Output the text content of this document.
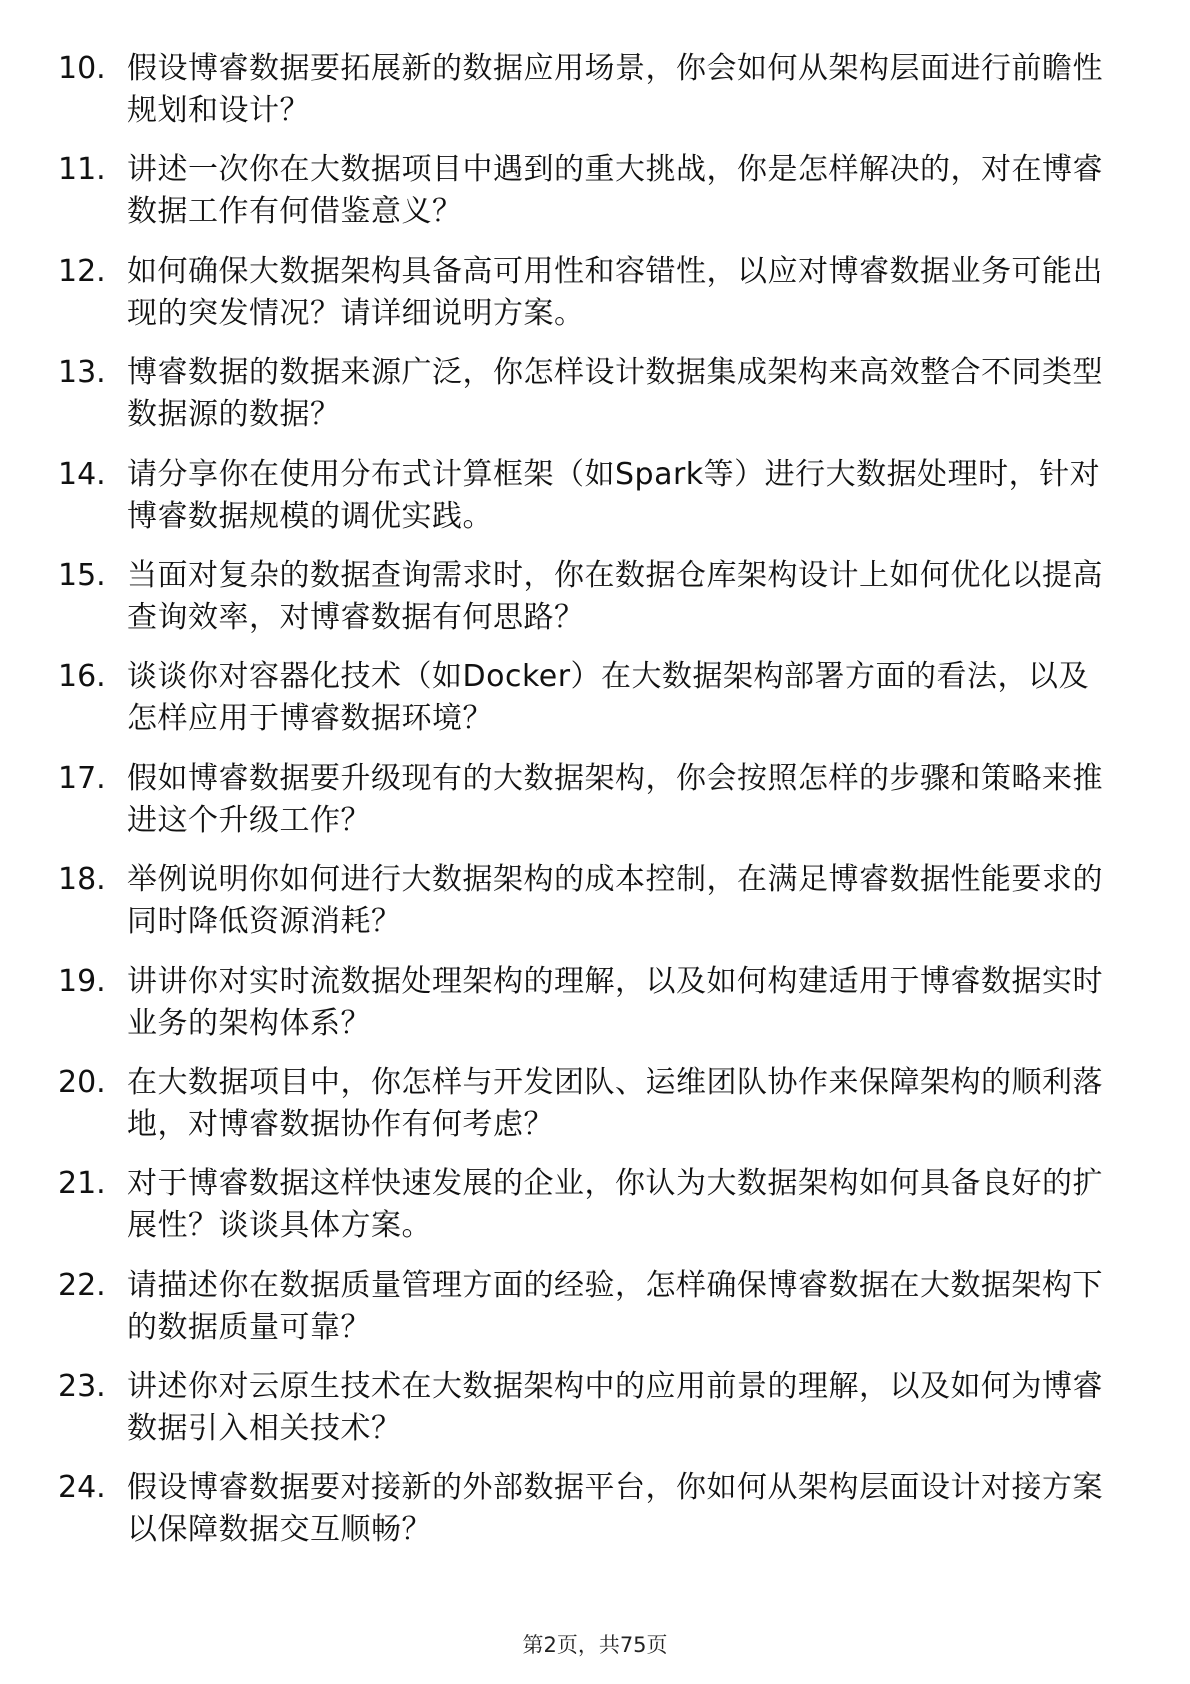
10. 假设博睿数据要拓展新的数据应用场景，你会如何从架构层面进行前瞻性规划和设计？
11. 讲述一次你在大数据项目中遇到的重大挑战，你是怎样解决的，对在博睿数据工作有何借鉴意义？
12. 如何确保大数据架构具备高可用性和容错性，以应对博睿数据业务可能出现的突发情况？请详细说明方案。
13. 博睿数据的数据来源广泛，你怎样设计数据集成架构来高效整合不同类型数据源的数据？
14. 请分享你在使用分布式计算框架（如Spark等）进行大数据处理时，针对博睿数据规模的调优实践。
15. 当面对复杂的数据查询需求时，你在数据仓库架构设计上如何优化以提高查询效率，对博睿数据有何思路？
16. 谈谈你对容器化技术（如Docker）在大数据架构部署方面的看法，以及怎样应用于博睿数据环境？
17. 假如博睿数据要升级现有的大数据架构，你会按照怎样的步骤和策略来推进这个升级工作？
18. 举例说明你如何进行大数据架构的成本控制，在满足博睿数据性能要求的同时降低资源消耗？
19. 讲讲你对实时流数据处理架构的理解，以及如何构建适用于博睿数据实时业务的架构体系？
20. 在大数据项目中，你怎样与开发团队、运维团队协作来保障架构的顺利落地，对博睿数据协作有何考虑？
21. 对于博睿数据这样快速发展的企业，你认为大数据架构如何具备良好的扩展性？谈谈具体方案。
22. 请描述你在数据质量管理方面的经验，怎样确保博睿数据在大数据架构下的数据质量可靠？
23. 讲述你对云原生技术在大数据架构中的应用前景的理解，以及如何为博睿数据引入相关技术？
24. 假设博睿数据要对接新的外部数据平台，你如何从架构层面设计对接方案以保障数据交互顺畅？
第2页，共75页
